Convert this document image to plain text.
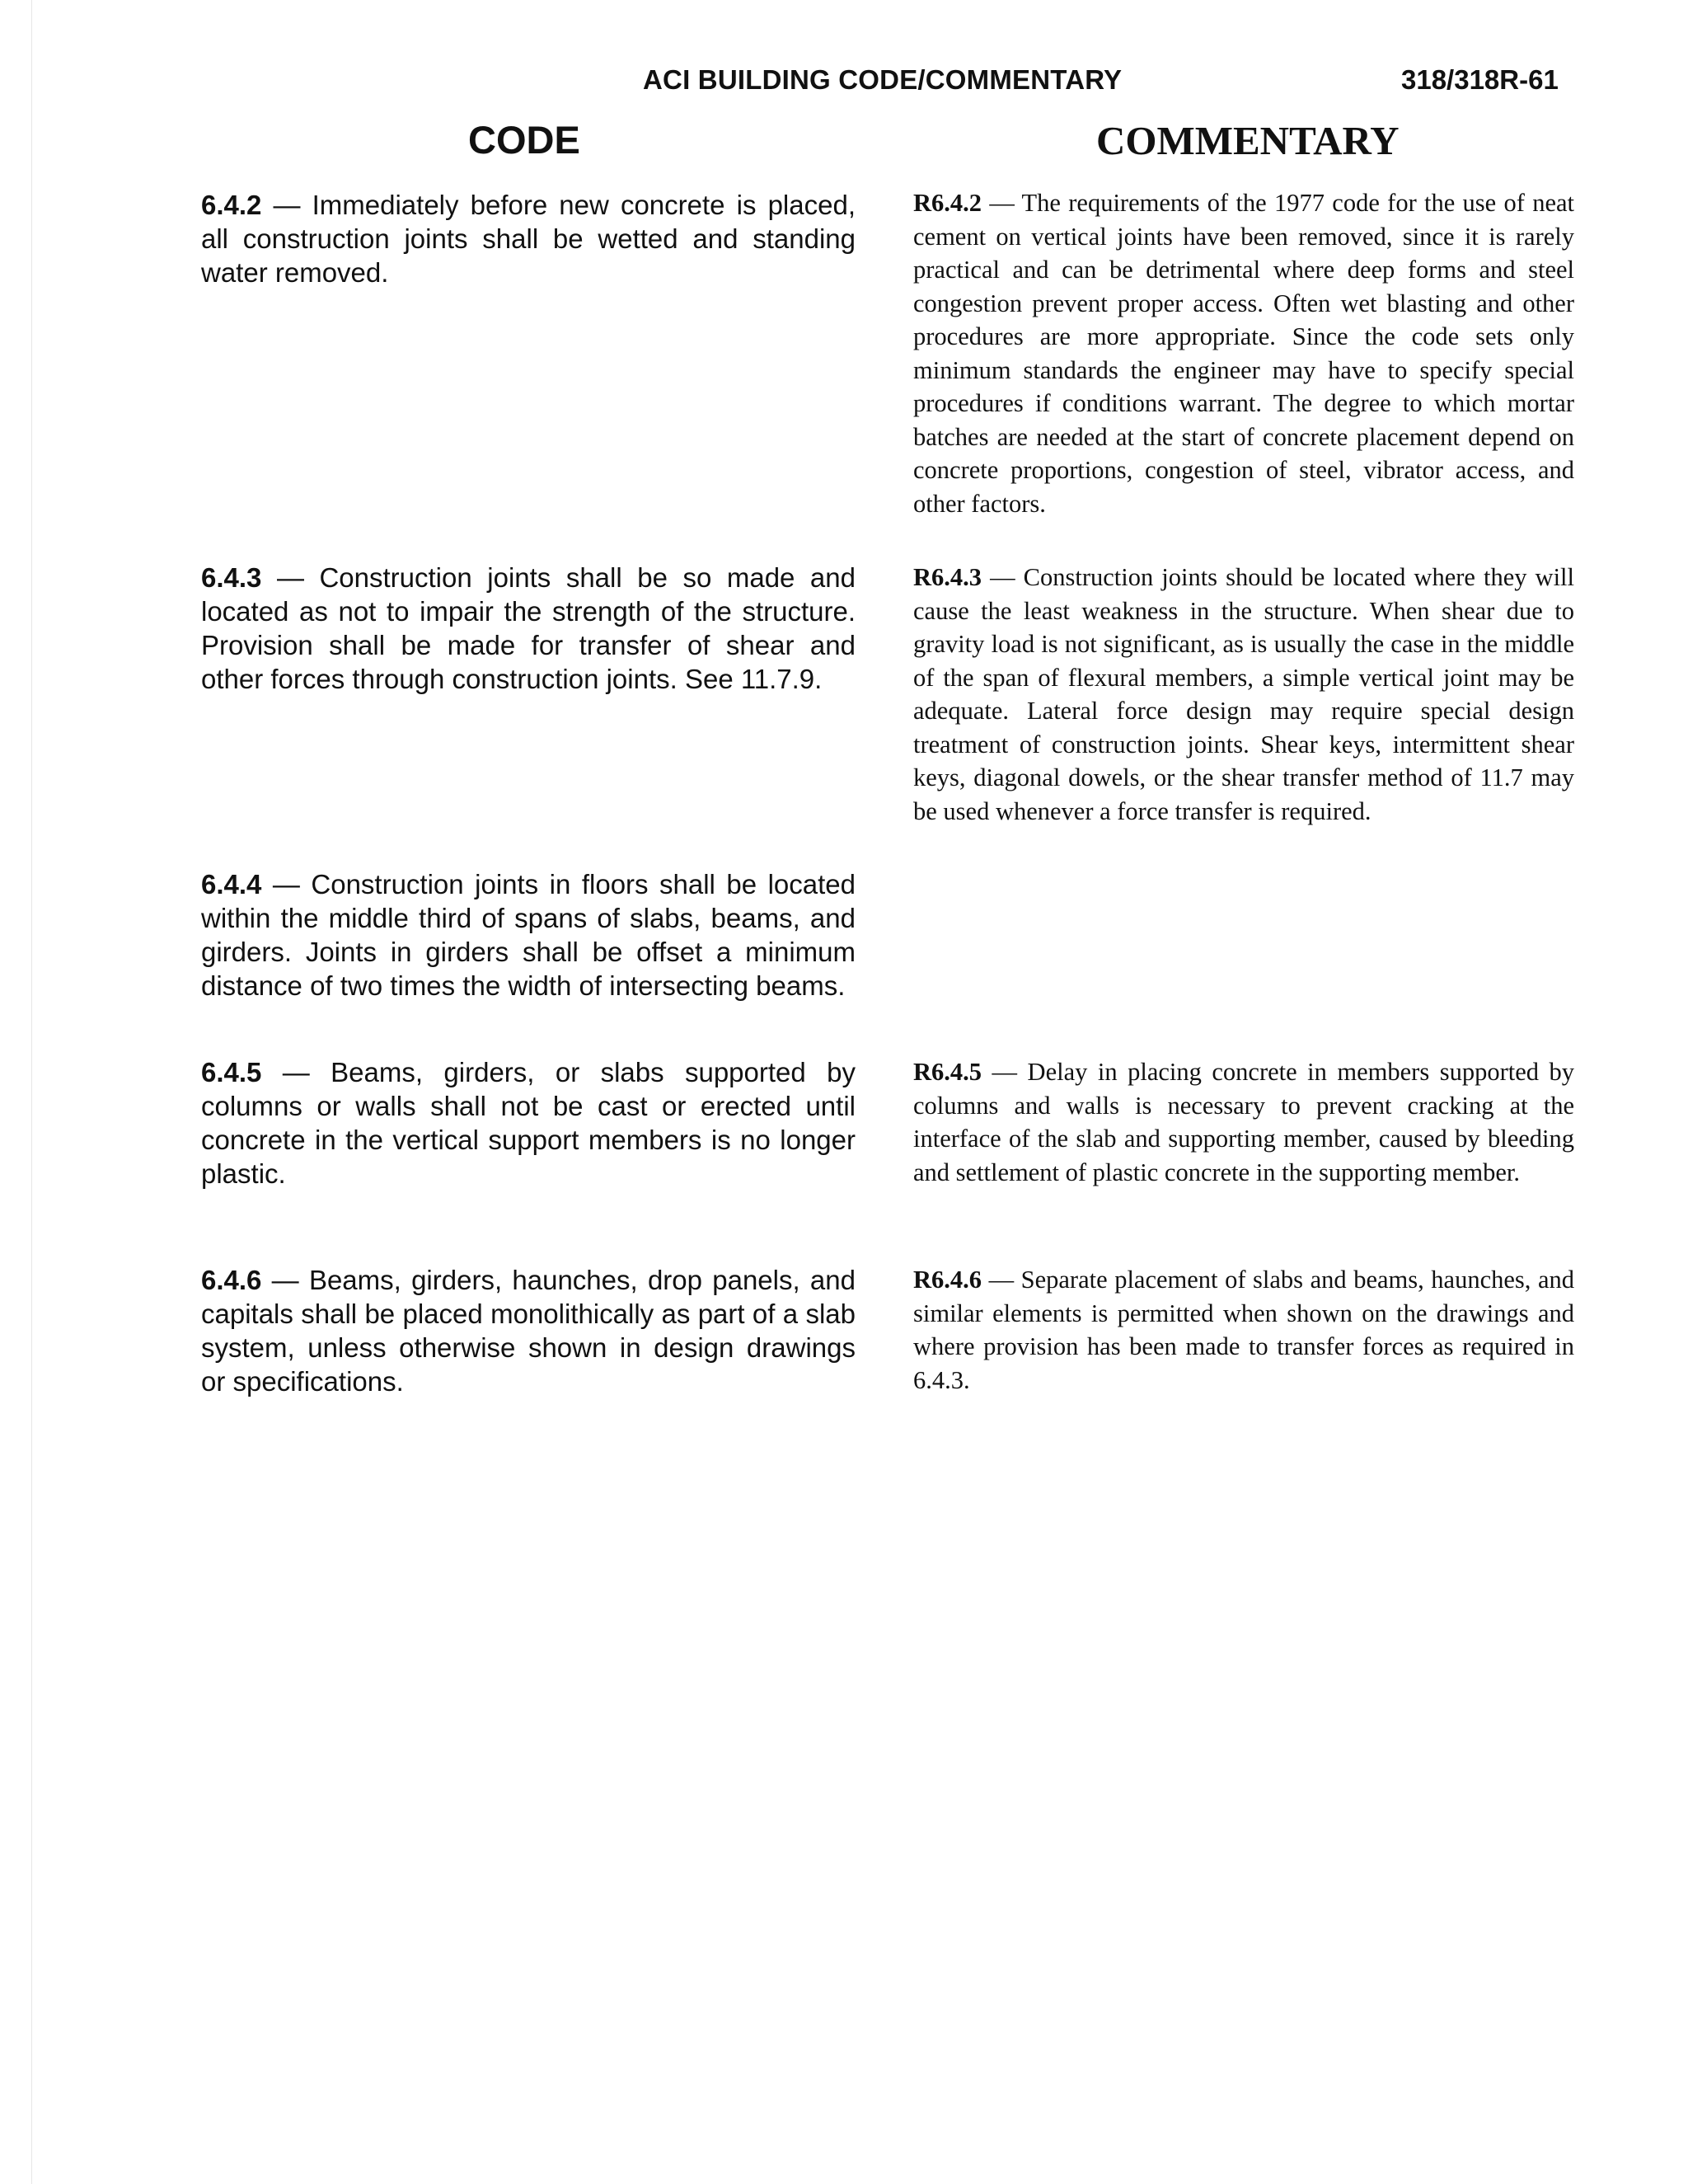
ACI BUILDING CODE/COMMENTARY	318/318R-61
CODE	COMMENTARY

6.4.2 — Immediately before new concrete is placed, all construction joints shall be wetted and standing water removed.

6.4.3 — Construction joints shall be so made and located as not to impair the strength of the structure. Provision shall be made for transfer of shear and other forces through construction joints. See 11.7.9.

6.4.4 — Construction joints in floors shall be located within the middle third of spans of slabs, beams, and girders. Joints in girders shall be offset a minimum distance of two times the width of intersecting beams.

6.4.5 — Beams, girders, or slabs supported by columns or walls shall not be cast or erected until concrete in the vertical support members is no longer plastic.

6.4.6 — Beams, girders, haunches, drop panels, and capitals shall be placed monolithically as part of a slab system, unless otherwise shown in design drawings or specifications.

R6.4.2 — The requirements of the 1977 code for the use of neat cement on vertical joints have been removed, since it is rarely practical and can be detrimental where deep forms and steel congestion prevent proper access. Often wet blasting and other procedures are more appropriate. Since the code sets only minimum standards the engineer may have to specify special procedures if conditions warrant. The degree to which mortar batches are needed at the start of concrete placement depend on concrete proportions, congestion of steel, vibrator access, and other factors.

R6.4.3 — Construction joints should be located where they will cause the least weakness in the structure. When shear due to gravity load is not significant, as is usually the case in the middle of the span of flexural members, a simple vertical joint may be adequate. Lateral force design may require special design treatment of construction joints. Shear keys, intermittent shear keys, diagonal dowels, or the shear transfer method of 11.7 may be used whenever a force transfer is required.

R6.4.5 — Delay in placing concrete in members supported by columns and walls is necessary to prevent cracking at the interface of the slab and supporting member, caused by bleeding and settlement of plastic concrete in the supporting member.

R6.4.6 — Separate placement of slabs and beams, haunches, and similar elements is permitted when shown on the drawings and where provision has been made to transfer forces as required in 6.4.3.
